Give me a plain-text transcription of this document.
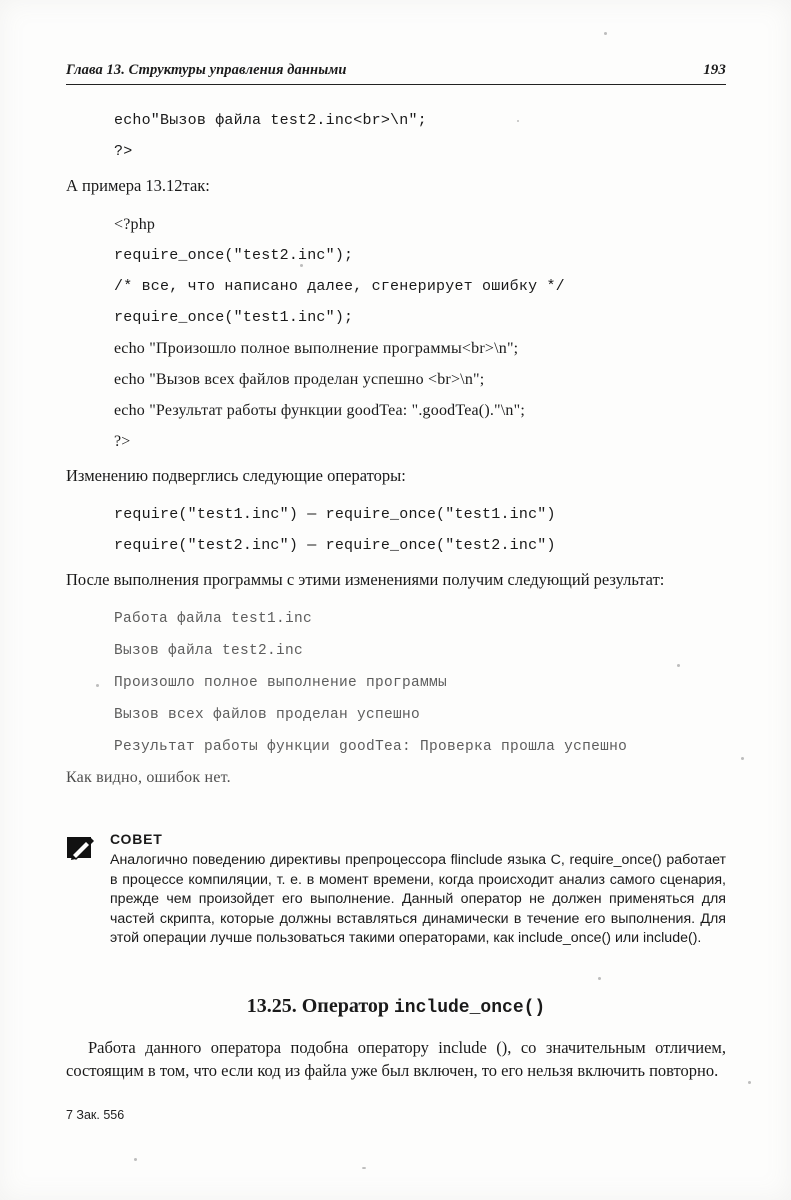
Глава 13. Структуры управления данными	193
echo"Вызов файла test2.inc<br>\n";
?>

А примера 13.12так:

<?php
require_once("test2.inc");
/* все, что написано далее, сгенерирует ошибку */
require_once("test1.inc");
echo "Произошло полное выполнение программы<br>\n";
echo "Вызов всех файлов проделан успешно <br>\n";
echo "Результат работы функции goodTea: ".goodTea()."\n";
?>

Изменению подверглись следующие операторы:

require("test1.inc") — require_once("test1.inc")
require("test2.inc") — require_once("test2.inc")

После выполнения программы с этими изменениями получим следующий результат:

Работа файла test1.inc
Вызов файла test2.inc
Произошло полное выполнение программы
Вызов всех файлов проделан успешно
Результат работы функции goodTea: Проверка прошла успешно

Как видно, ошибок нет.

СОВЕТ

Аналогично поведению директивы препроцессора flinclude языка C, require_once() работает в процессе компиляции, т. е. в момент времени, когда происходит анализ самого сценария, прежде чем произойдет его выполнение. Данный оператор не должен применяться для частей скрипта, которые должны вставляться динамически в течение его выполнения. Для этой операции лучше пользоваться такими операторами, как include_once() или include().

13.25. Оператор include_once()

Работа данного оператора подобна оператору include (), со значительным отличием, состоящим в том, что если код из файла уже был включен, то его нельзя включить повторно.

7 Зак. 556
